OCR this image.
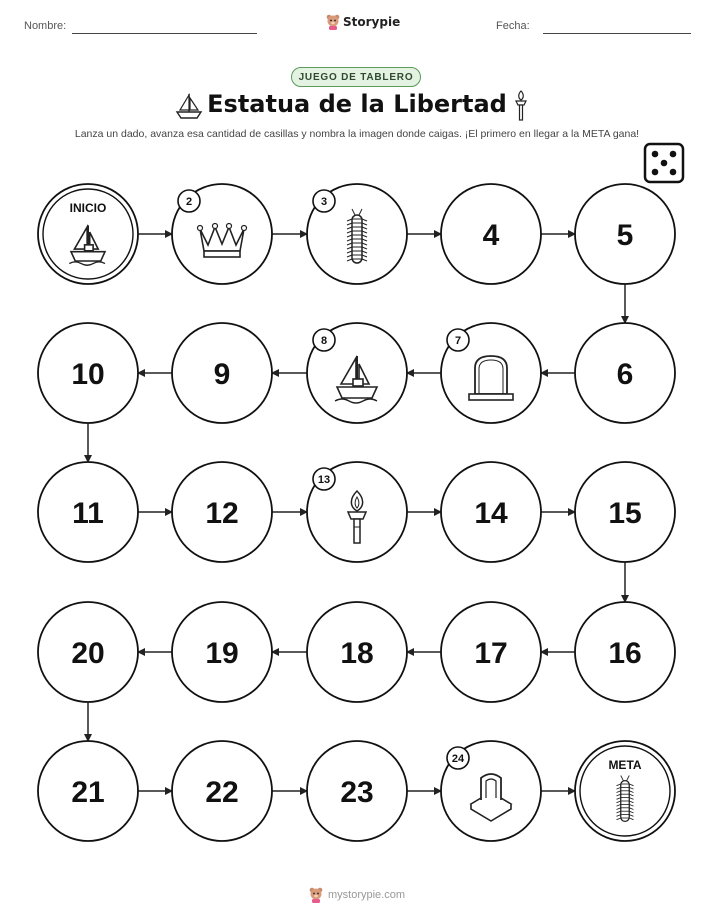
Nombre:	Storypie	Fecha:
JUEGO DE TABLERO
Estatua de la Libertad
Lanza un dado, avanza esa cantidad de casillas y nombra la imagen donde caigas. ¡El primero en llegar a la META gana!
INICIO	2	3
4	5
6
7
8
9
10
11	12
13
14	15
16
17
18
19
20
21	22	23
24	META
mystorypie.com
